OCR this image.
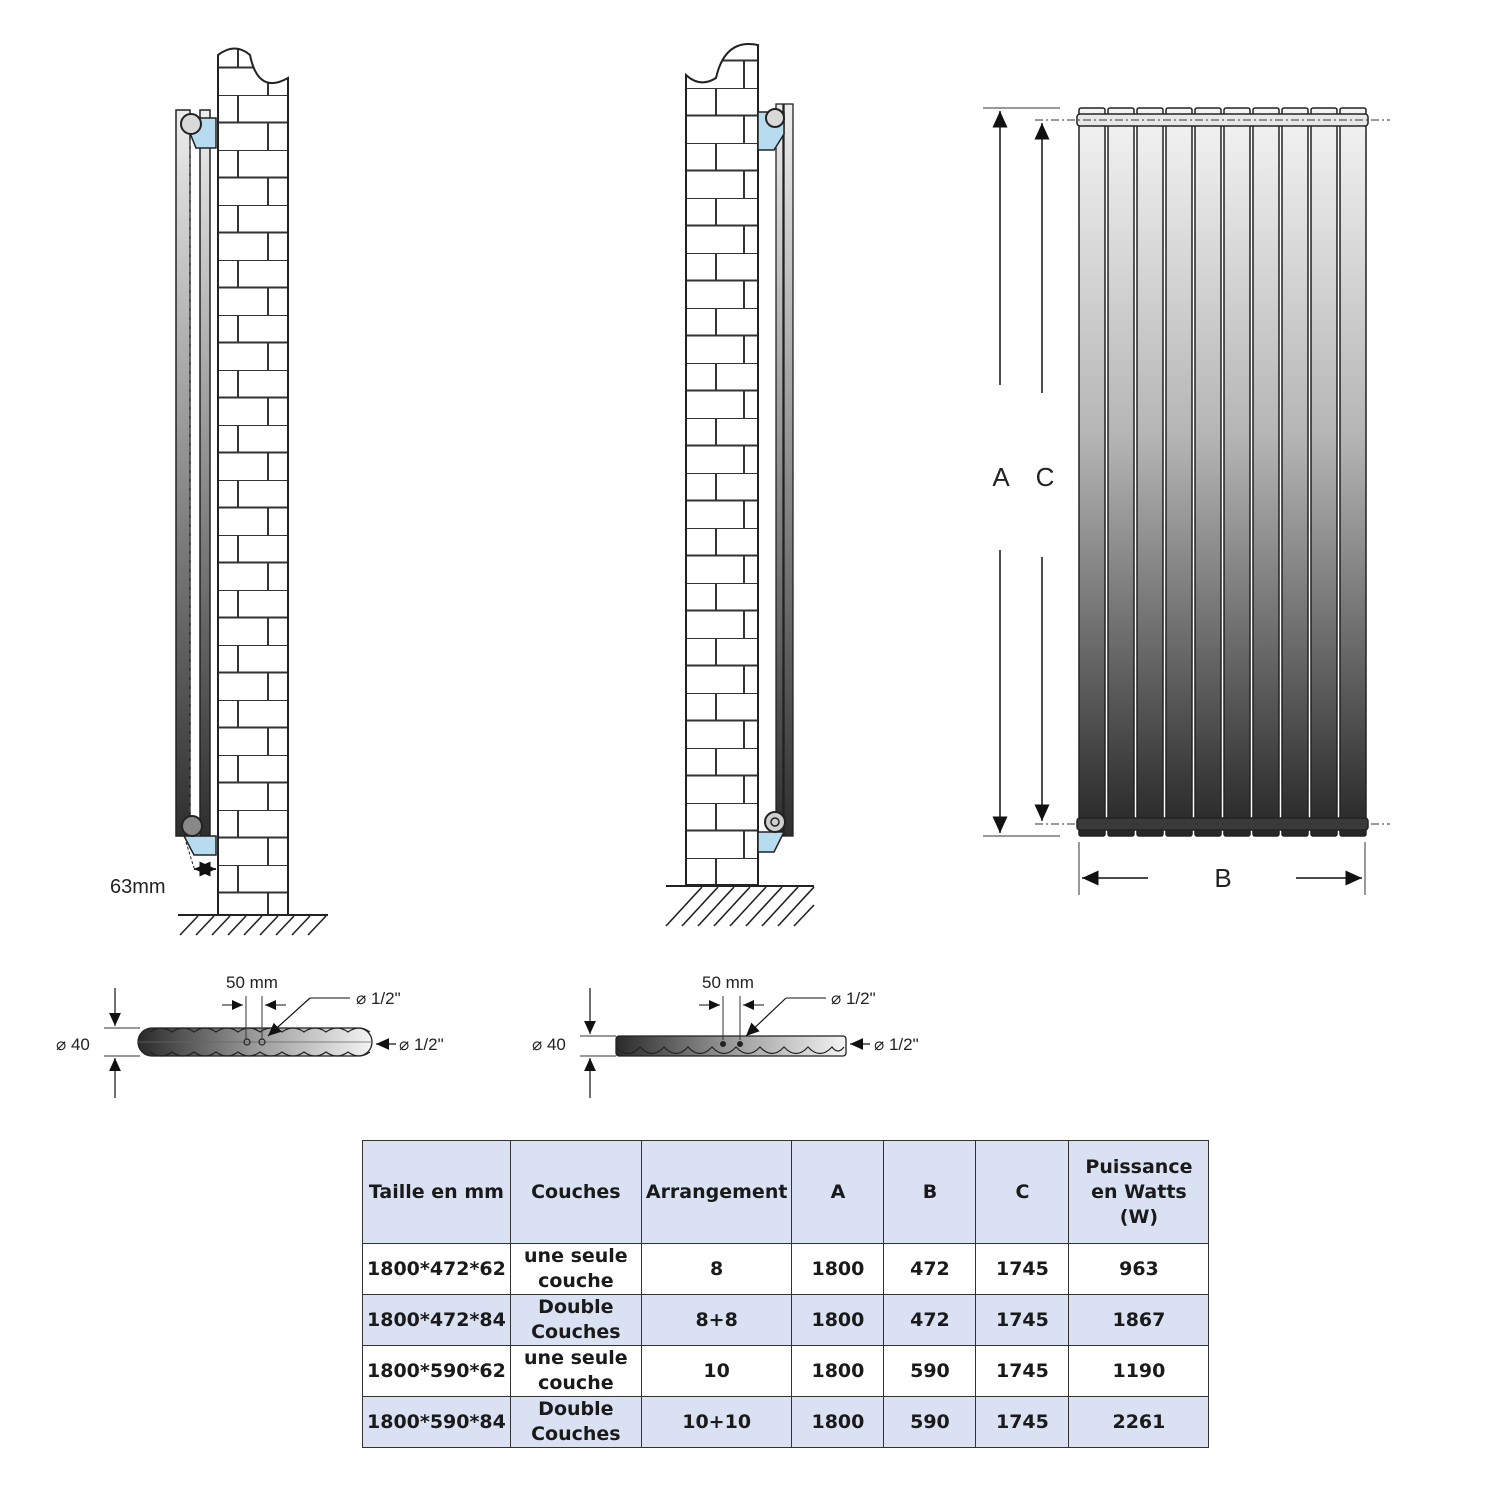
63mm
A C
B
⌀ 40
50 mm
⌀ 1/2"
⌀ 1/2"	⌀ 40
50 mm
⌀ 1/2"
⌀ 1/2"
Taille en mm	Couches	Arrangement	A	B	C	Puissance en Watts (W)
1800*472*62	une seule couche	8	1800	472	1745	963
1800*472*84	Double Couches	8+8	1800	472	1745	1867
1800*590*62	une seule couche	10	1800	590	1745	1190
1800*590*84	Double Couches	10+10	1800	590	1745	2261
